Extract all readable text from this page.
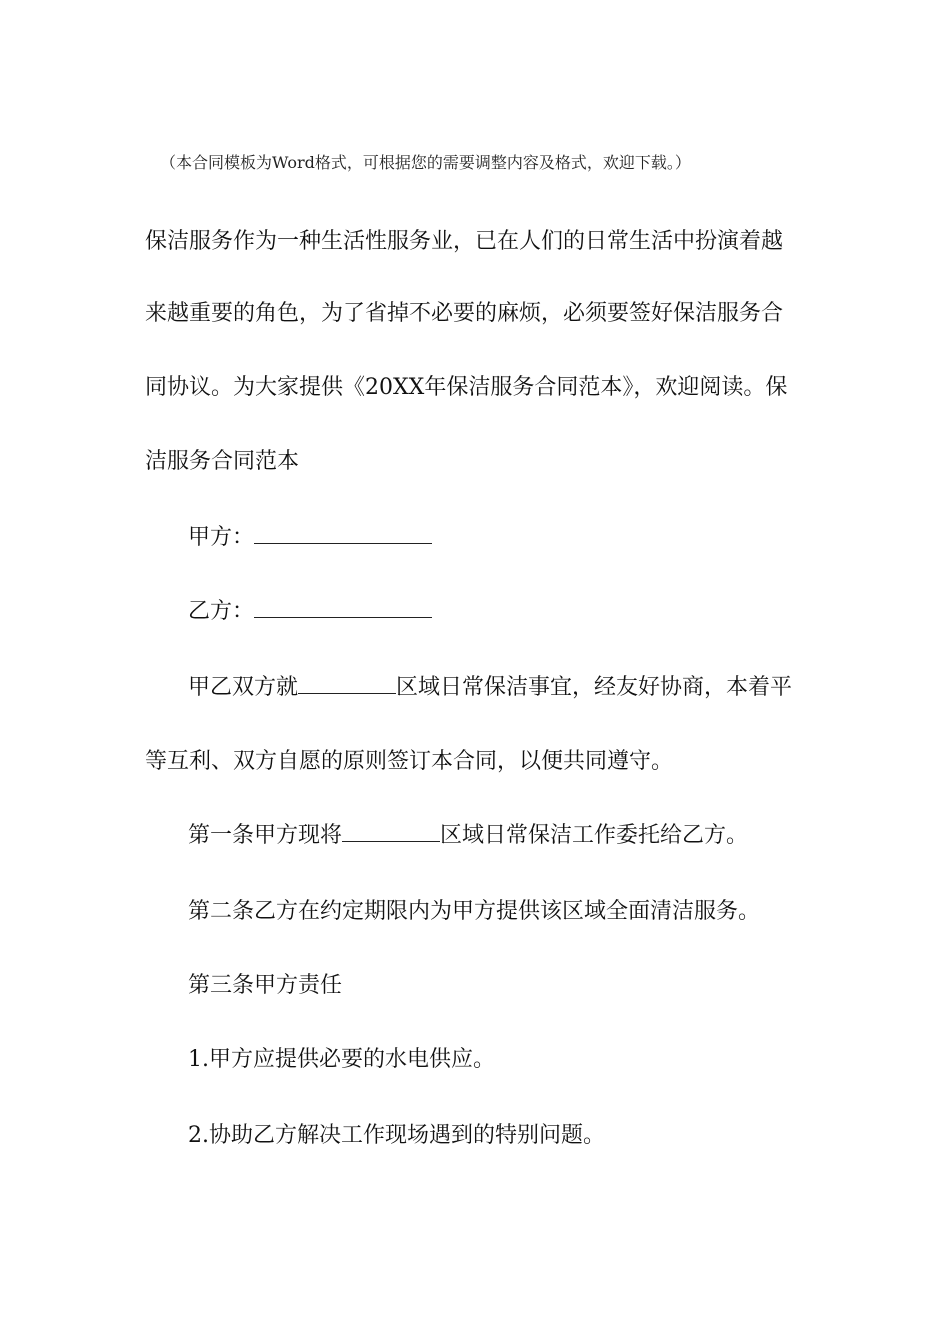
（本合同模板为Word格式，可根据您的需要调整内容及格式，欢迎下载。）
保洁服务作为一种生活性服务业，已在人们的日常生活中扮演着越
来越重要的角色，为了省掉不必要的麻烦，必须要签好保洁服务合
同协议。为大家提供《20XX年保洁服务合同范本》，欢迎阅读。保
洁服务合同范本
甲方：
乙方：
甲乙双方就	区域日常保洁事宜，经友好协商，本着平
等互利、双方自愿的原则签订本合同，以便共同遵守。
第一条甲方现将	区域日常保洁工作委托给乙方。
第二条乙方在约定期限内为甲方提供该区域全面清洁服务。
第三条甲方责任
1.甲方应提供必要的水电供应。
2.协助乙方解决工作现场遇到的特别问题。
